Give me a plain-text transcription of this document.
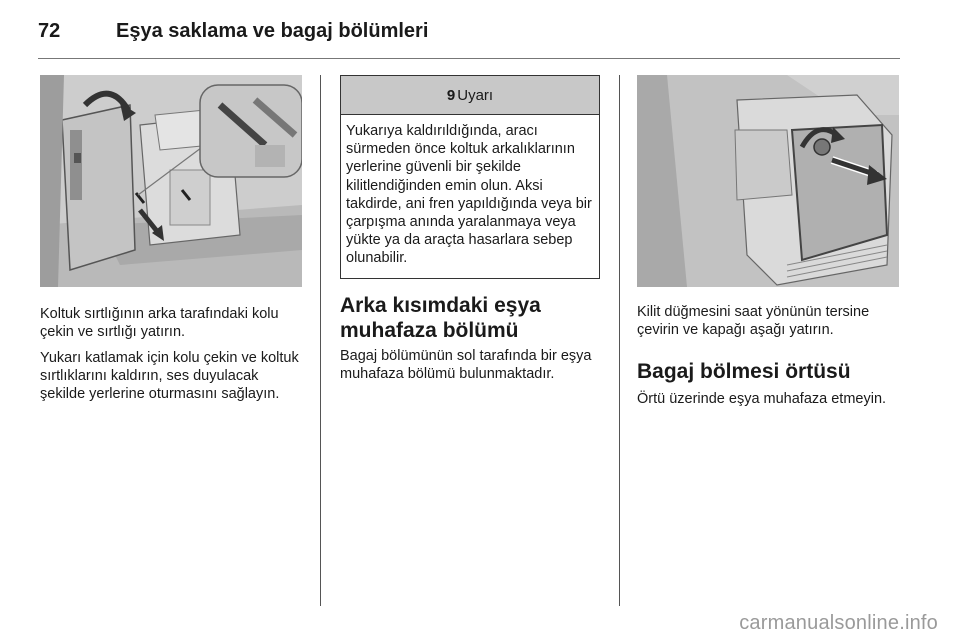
72	Eşya saklama ve bagaj bölümleri

Koltuk sırtlığının arka tarafındaki kolu çekin ve sırtlığı yatırın.

Yukarı katlamak için kolu çekin ve koltuk sırtlıklarını kaldırın, ses duyulacak şekilde yerlerine oturmasını sağlayın.

9 Uyarı
Yukarıya kaldırıldığında, aracı sürmeden önce koltuk arkalıklarının yerlerine güvenli bir şekilde kilitlendiğinden emin olun. Aksi takdirde, ani fren yapıldığında veya bir çarpışma anında yaralanmaya veya yükte ya da araçta hasarlara sebep olunabilir.
Arka kısımdaki eşya muhafaza bölümü

Bagaj bölümünün sol tarafında bir eşya muhafaza bölümü bulunmaktadır.

Kilit düğmesini saat yönünün tersine çevirin ve kapağı aşağı yatırın.

Bagaj bölmesi örtüsü

Örtü üzerinde eşya muhafaza etmeyin.

carmanualsonline.info
